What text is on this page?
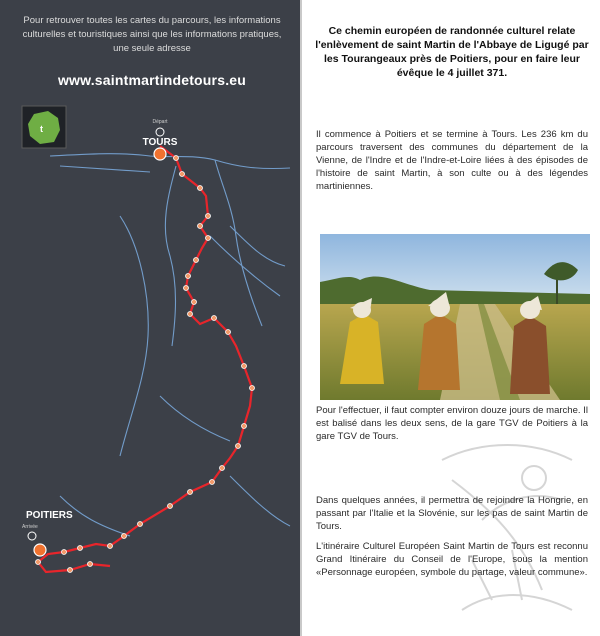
Pour retrouver toutes les cartes du parcours, les informations culturelles et touristiques ainsi que les informations pratiques, une seule adresse
www.saintmartindetours.eu
t
Départ
TOURS
POITIERS
Arrivée
Ce chemin européen de randonnée culturel relate l'enlèvement de saint Martin de l'Abbaye de Ligugé par les Tourangeaux près de Poitiers, pour en faire leur évêque le 4 juillet 371.
Il commence à Poitiers et se termine à Tours. Les 236 km du parcours traversent des communes du département de la Vienne, de l'Indre et de l'Indre-et-Loire liées à des épisodes de l'histoire de saint Martin, à son culte ou à des légendes martiniennes.
Pour l'effectuer, il faut compter environ douze jours de marche. Il est balisé dans les deux sens, de la gare TGV de Poitiers à la gare TGV de Tours.
Dans quelques années, il permettra de rejoindre la Hongrie, en passant par l'Italie et la Slovénie, sur les pas de saint Martin de Tours.
L'itinéraire Culturel Européen Saint Martin de Tours est reconnu Grand Itinéraire du Conseil de l'Europe, sous la mention «Personnage européen, symbole du partage, valeur commune».
